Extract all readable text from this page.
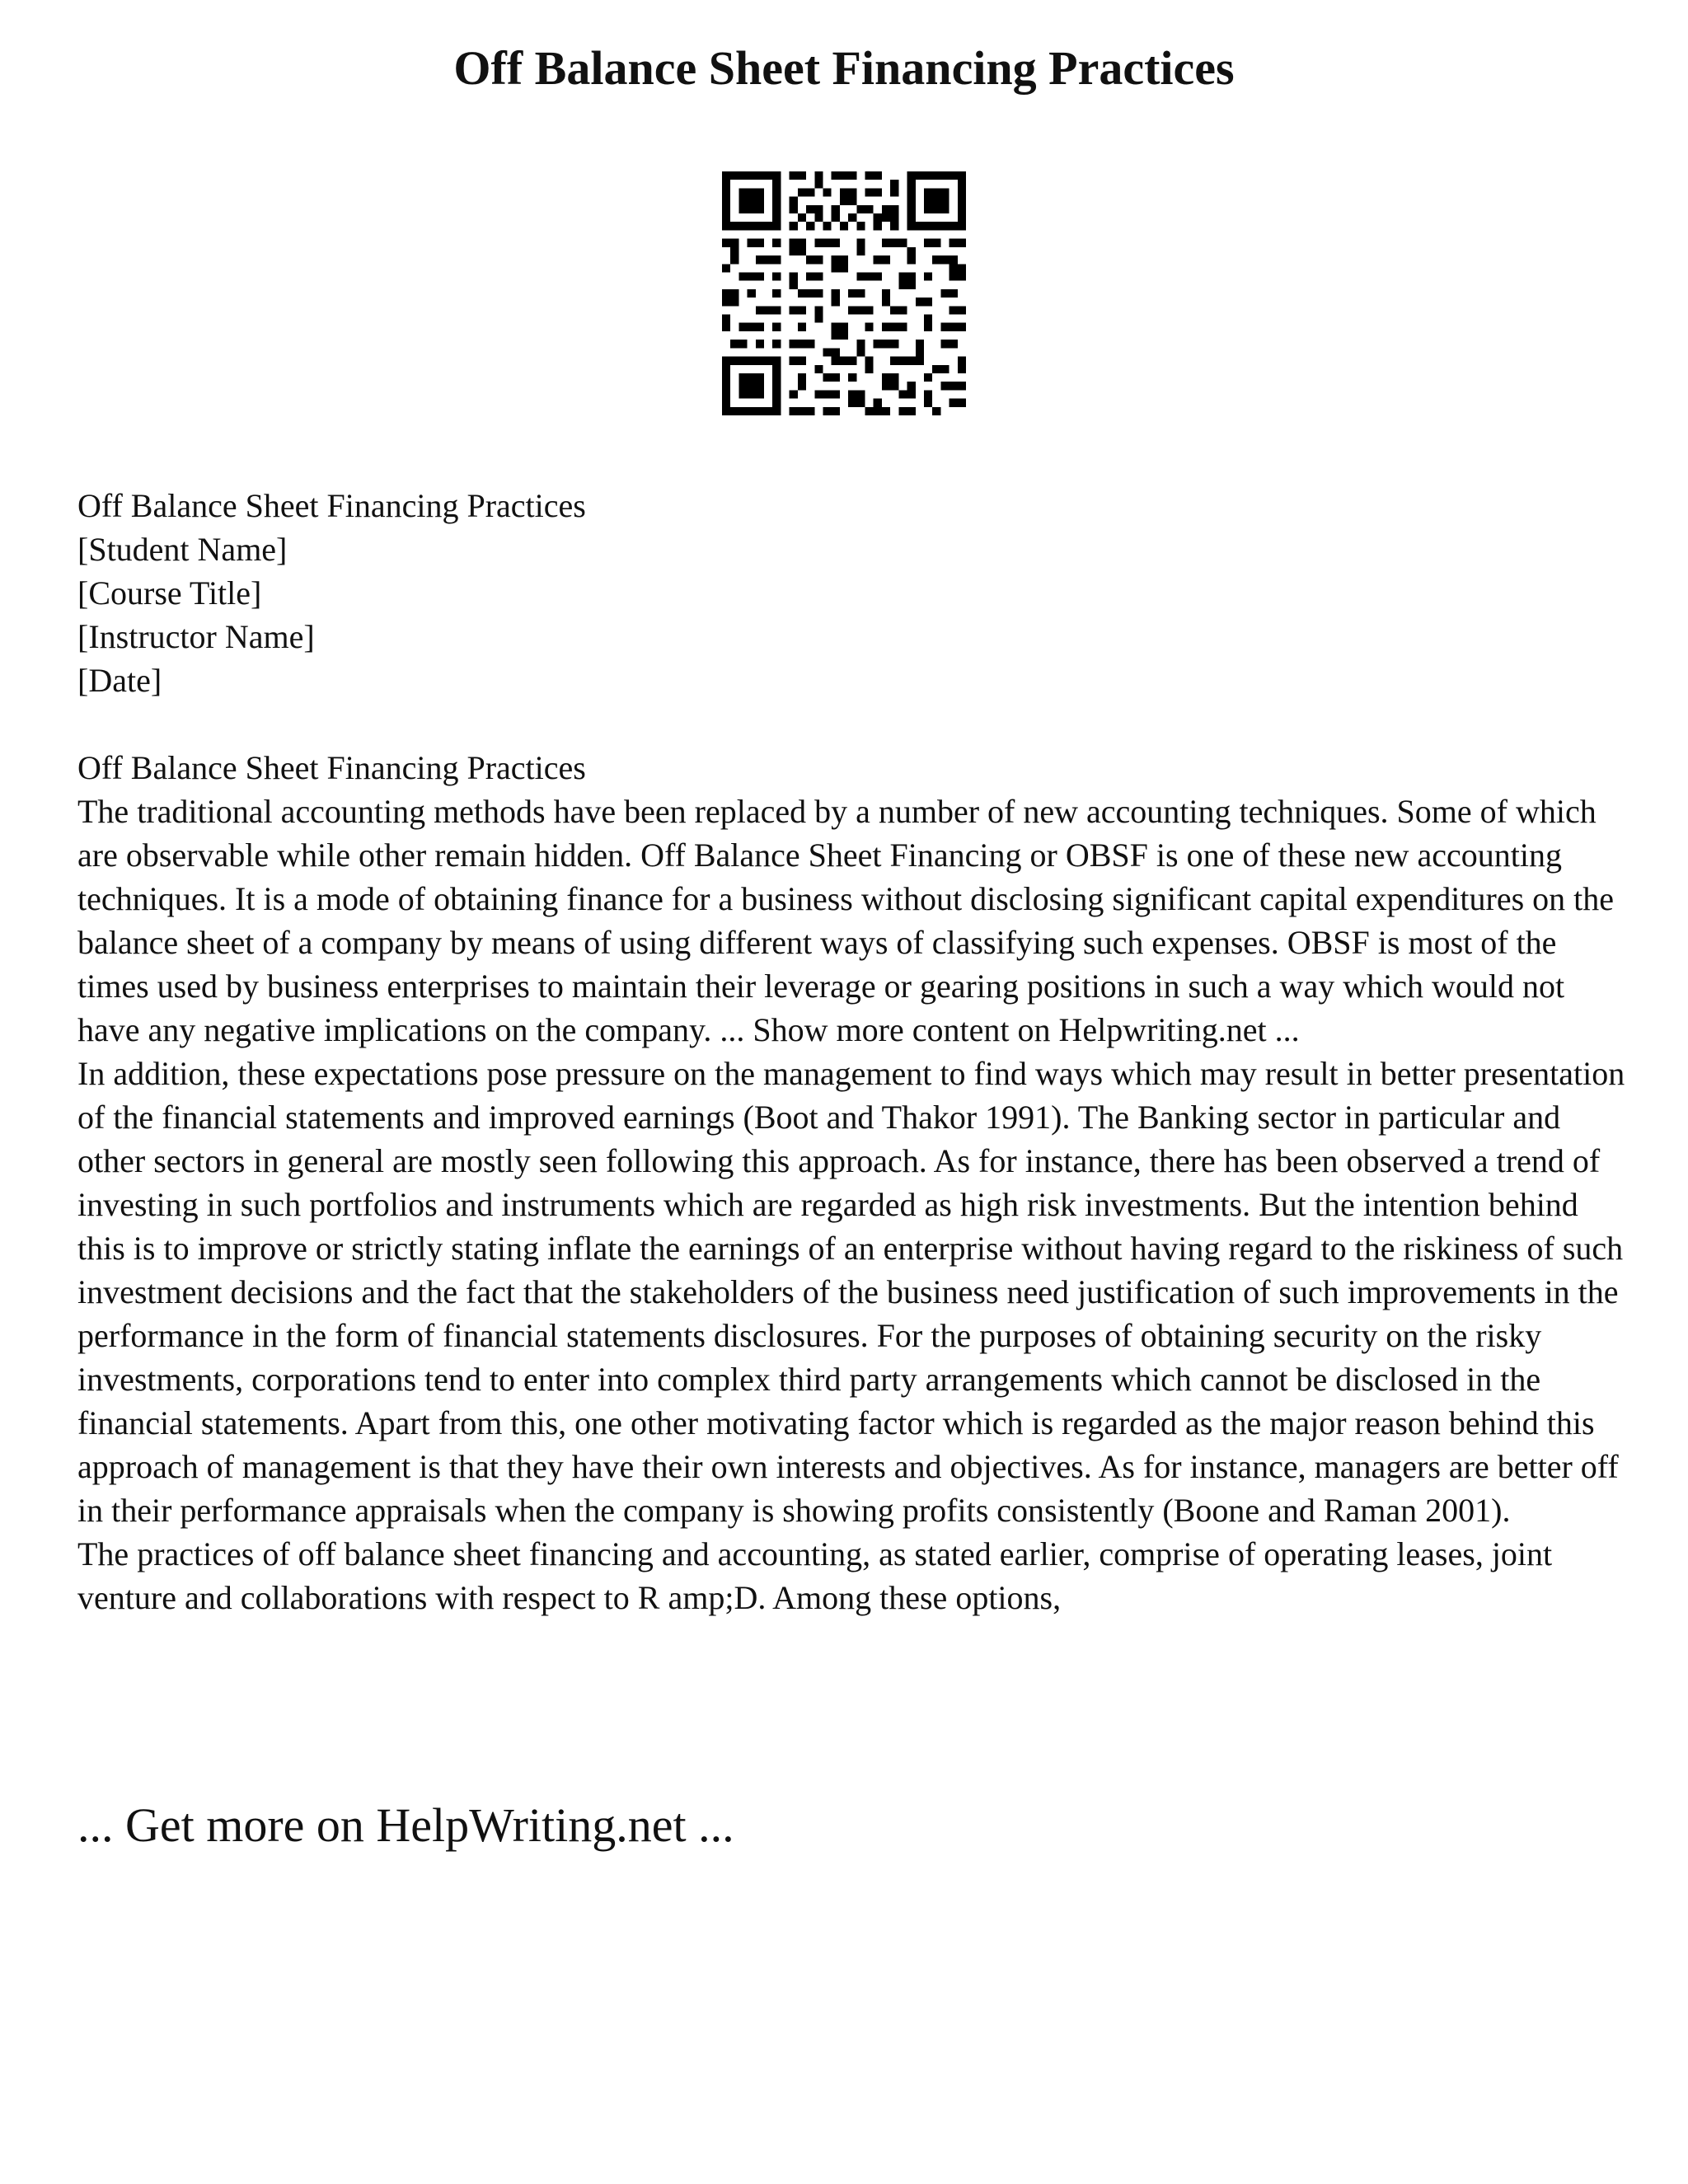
Off Balance Sheet Financing Practices
Off Balance Sheet Financing Practices
[Student Name]
[Course Title]
[Instructor Name]
[Date]
Off Balance Sheet Financing Practices
The traditional accounting methods have been replaced by a number of new accounting techniques. Some of which are observable while other remain hidden. Off Balance Sheet Financing or OBSF is one of these new accounting techniques. It is a mode of obtaining finance for a business without disclosing significant capital expenditures on the balance sheet of a company by means of using different ways of classifying such expenses. OBSF is most of the times used by business enterprises to maintain their leverage or gearing positions in such a way which would not have any negative implications on the company. ... Show more content on Helpwriting.net ...
In addition, these expectations pose pressure on the management to find ways which may result in better presentation of the financial statements and improved earnings (Boot and Thakor 1991). The Banking sector in particular and other sectors in general are mostly seen following this approach. As for instance, there has been observed a trend of investing in such portfolios and instruments which are regarded as high risk investments. But the intention behind this is to improve or strictly stating inflate the earnings of an enterprise without having regard to the riskiness of such investment decisions and the fact that the stakeholders of the business need justification of such improvements in the performance in the form of financial statements disclosures. For the purposes of obtaining security on the risky investments, corporations tend to enter into complex third party arrangements which cannot be disclosed in the financial statements. Apart from this, one other motivating factor which is regarded as the major reason behind this approach of management is that they have their own interests and objectives. As for instance, managers are better off in their performance appraisals when the company is showing profits consistently (Boone and Raman 2001).
The practices of off balance sheet financing and accounting, as stated earlier, comprise of operating leases, joint venture and collaborations with respect to R amp;D. Among these options,
... Get more on HelpWriting.net ...
